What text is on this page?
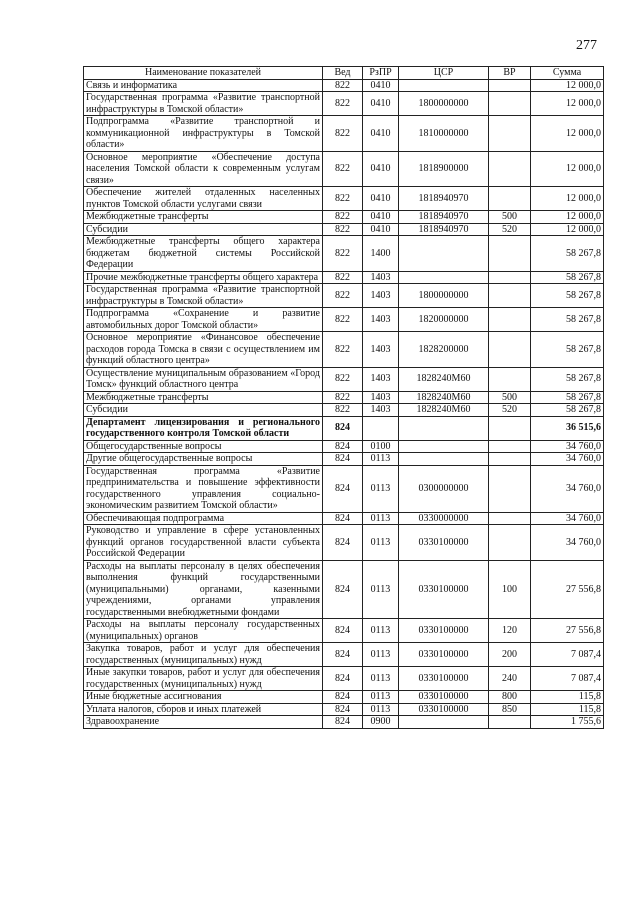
277
Наименование показателей	Вед	РзПР	ЦСР	ВР	Сумма
Связь и информатика	822	0410			12 000,0
Государственная программа «Развитие транспортной инфраструктуры в Томской области»	822	0410	1800000000		12 000,0
Подпрограмма «Развитие транспортной и коммуникационной инфраструктуры в Томской области»	822	0410	1810000000		12 000,0
Основное мероприятие «Обеспечение доступа населения Томской области к современным услугам связи»	822	0410	1818900000		12 000,0
Обеспечение жителей отдаленных населенных пунктов Томской области услугами связи	822	0410	1818940970		12 000,0
Межбюджетные трансферты	822	0410	1818940970	500	12 000,0
Субсидии	822	0410	1818940970	520	12 000,0
Межбюджетные трансферты общего характера бюджетам бюджетной системы Российской Федерации	822	1400			58 267,8
Прочие межбюджетные трансферты общего характера	822	1403			58 267,8
Государственная программа «Развитие транспортной инфраструктуры в Томской области»	822	1403	1800000000		58 267,8
Подпрограмма «Сохранение и развитие автомобильных дорог Томской области»	822	1403	1820000000		58 267,8
Основное мероприятие «Финансовое обеспечение расходов города Томска в связи с осуществлением им функций областного центра»	822	1403	1828200000		58 267,8
Осуществление муниципальным образованием «Город Томск» функций областного центра	822	1403	1828240М60		58 267,8
Межбюджетные трансферты	822	1403	1828240М60	500	58 267,8
Субсидии	822	1403	1828240М60	520	58 267,8
Департамент лицензирования и регионального государственного контроля Томской области	824				36 515,6
Общегосударственные вопросы	824	0100			34 760,0
Другие общегосударственные вопросы	824	0113			34 760,0
Государственная программа «Развитие предпринимательства и повышение эффективности государственного управления социально-экономическим развитием Томской области»	824	0113	0300000000		34 760,0
Обеспечивающая подпрограмма	824	0113	0330000000		34 760,0
Руководство и управление в сфере установленных функций органов государственной власти субъекта Российской Федерации	824	0113	0330100000		34 760,0
Расходы на выплаты персоналу в целях обеспечения выполнения функций государственными (муниципальными) органами, казенными учреждениями, органами управления государственными внебюджетными фондами	824	0113	0330100000	100	27 556,8
Расходы на выплаты персоналу государственных (муниципальных) органов	824	0113	0330100000	120	27 556,8
Закупка товаров, работ и услуг для обеспечения государственных (муниципальных) нужд	824	0113	0330100000	200	7 087,4
Иные закупки товаров, работ и услуг для обеспечения государственных (муниципальных) нужд	824	0113	0330100000	240	7 087,4
Иные бюджетные ассигнования	824	0113	0330100000	800	115,8
Уплата налогов, сборов и иных платежей	824	0113	0330100000	850	115,8
Здравоохранение	824	0900			1 755,6
